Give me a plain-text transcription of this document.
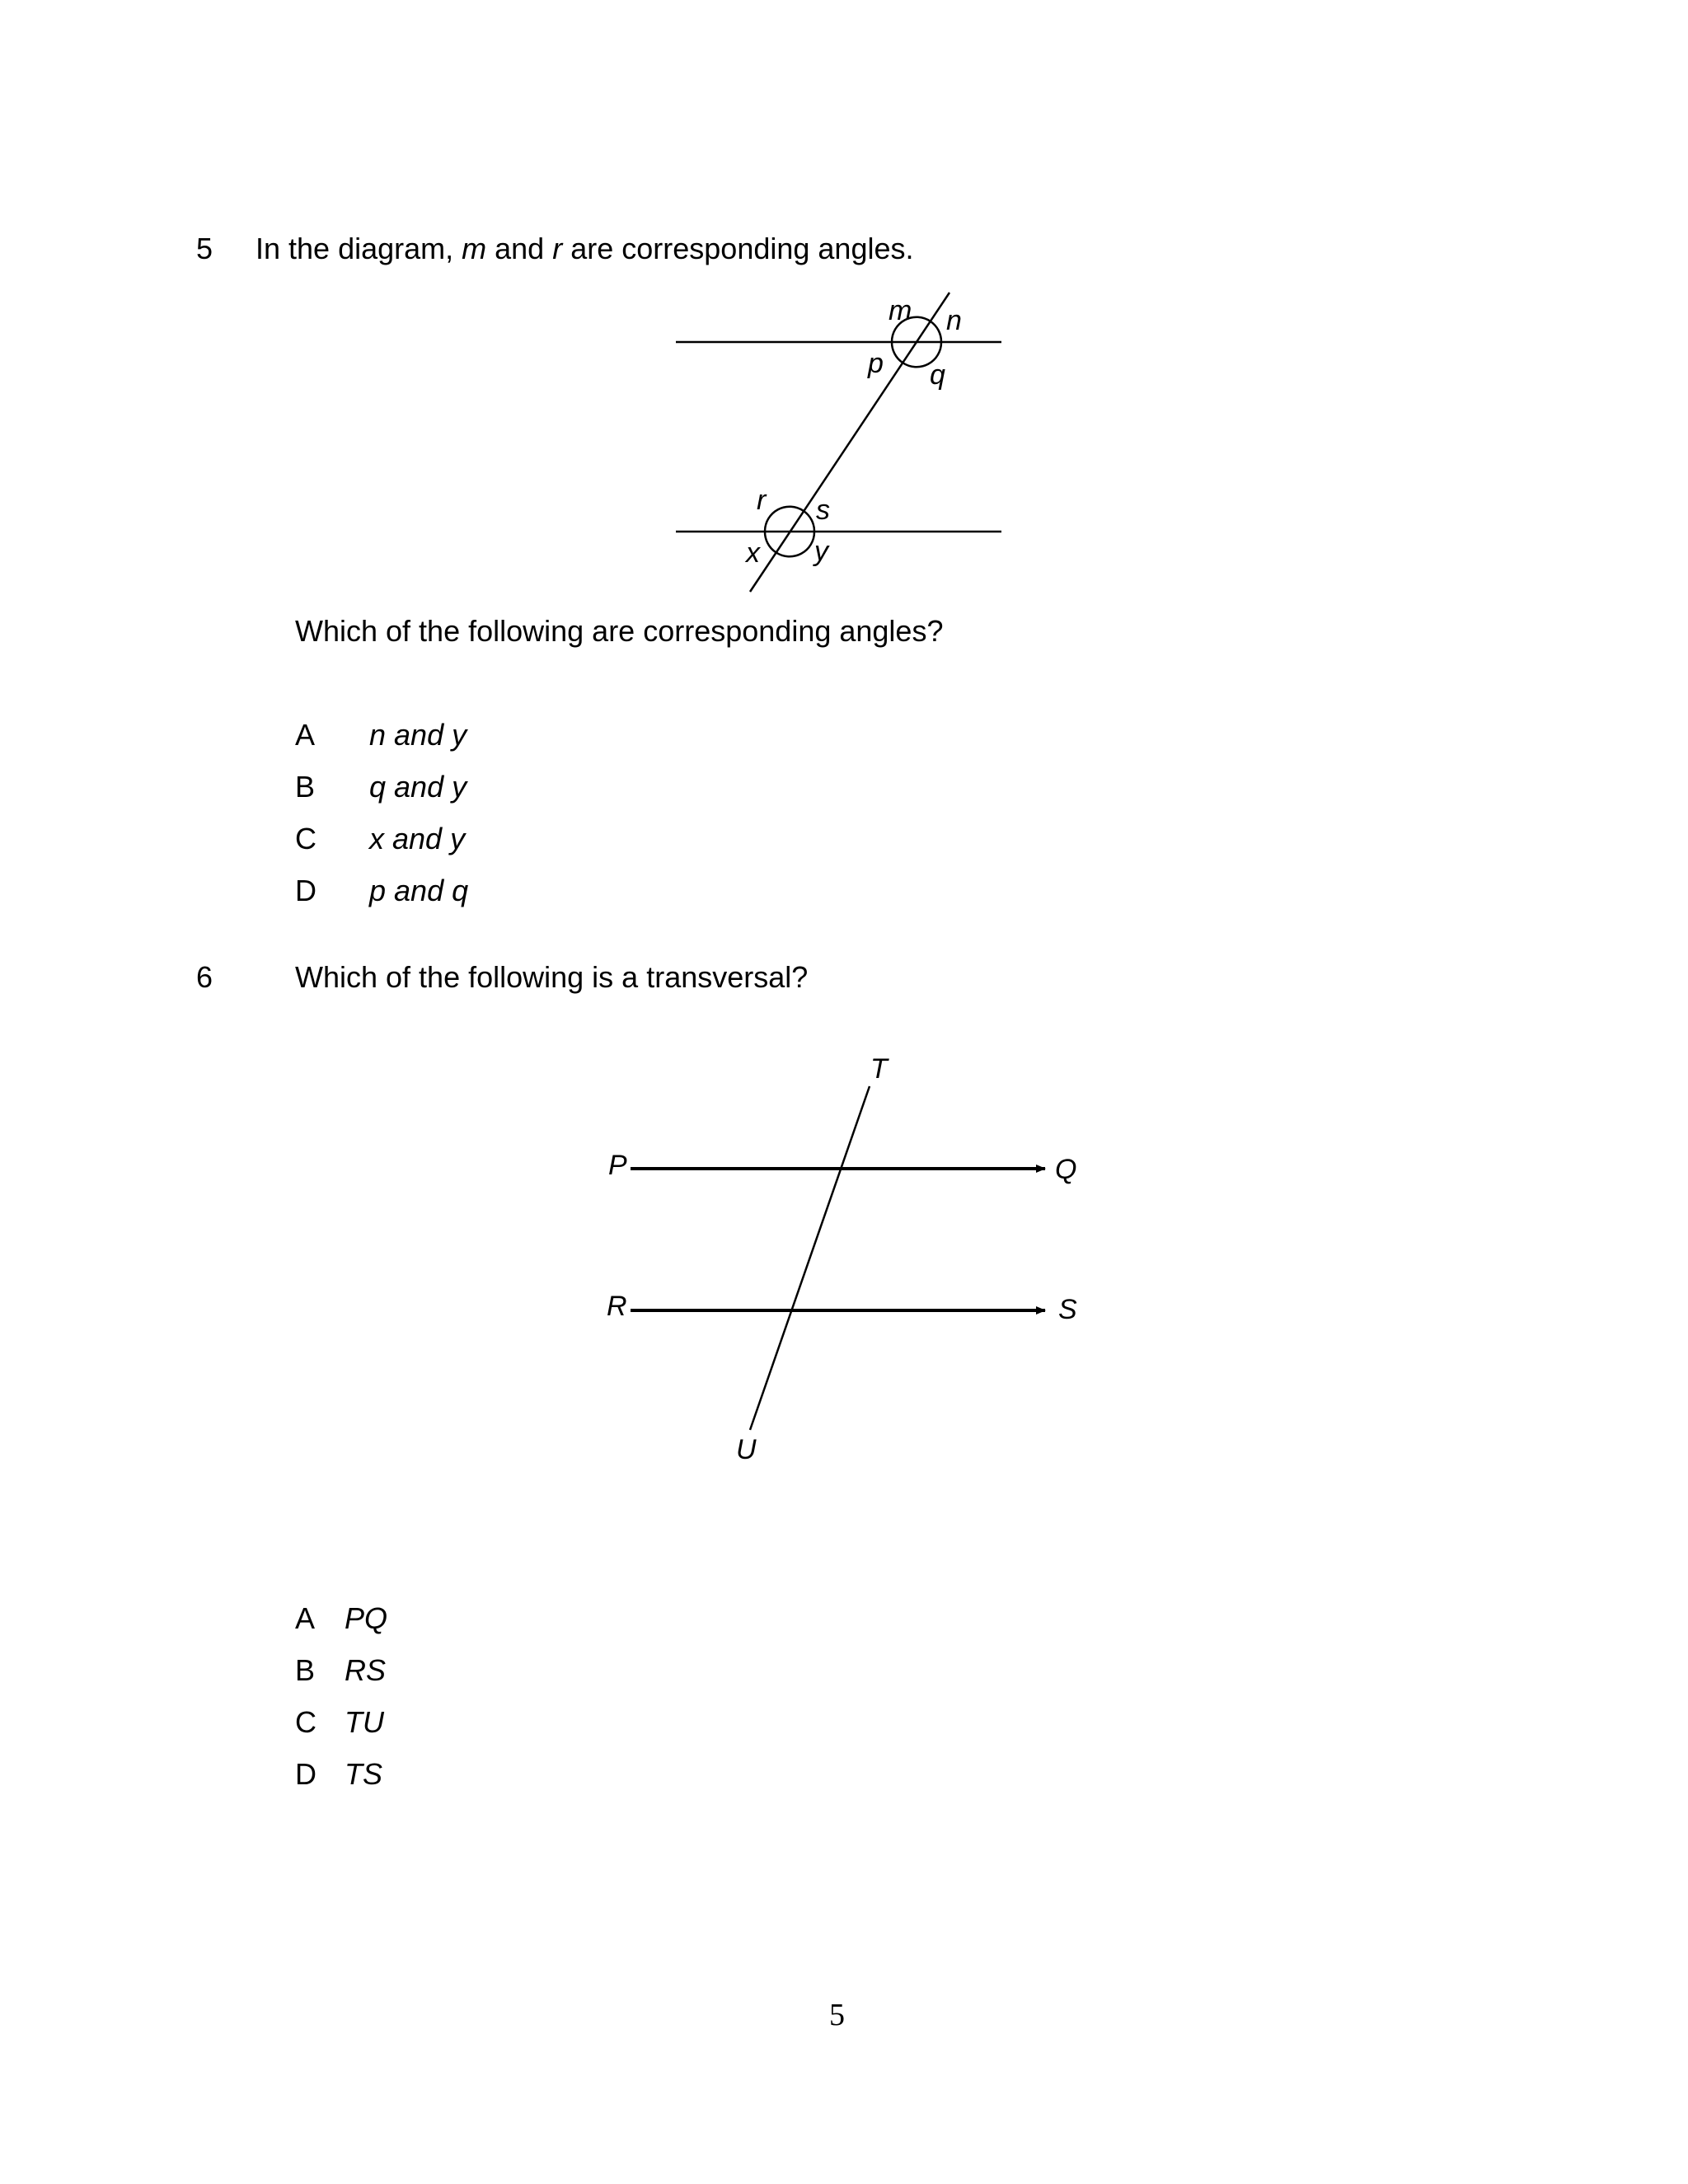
5 In the diagram, m and r are corresponding angles.
m n
p q
r s
x y
Which of the following are corresponding angles?
A n and y
B q and y
C x and y
D p and q
6	Which of the following is a transversal?
P	Q
R	S
T
U
A PQ
B RS
C TU
D TS
5
